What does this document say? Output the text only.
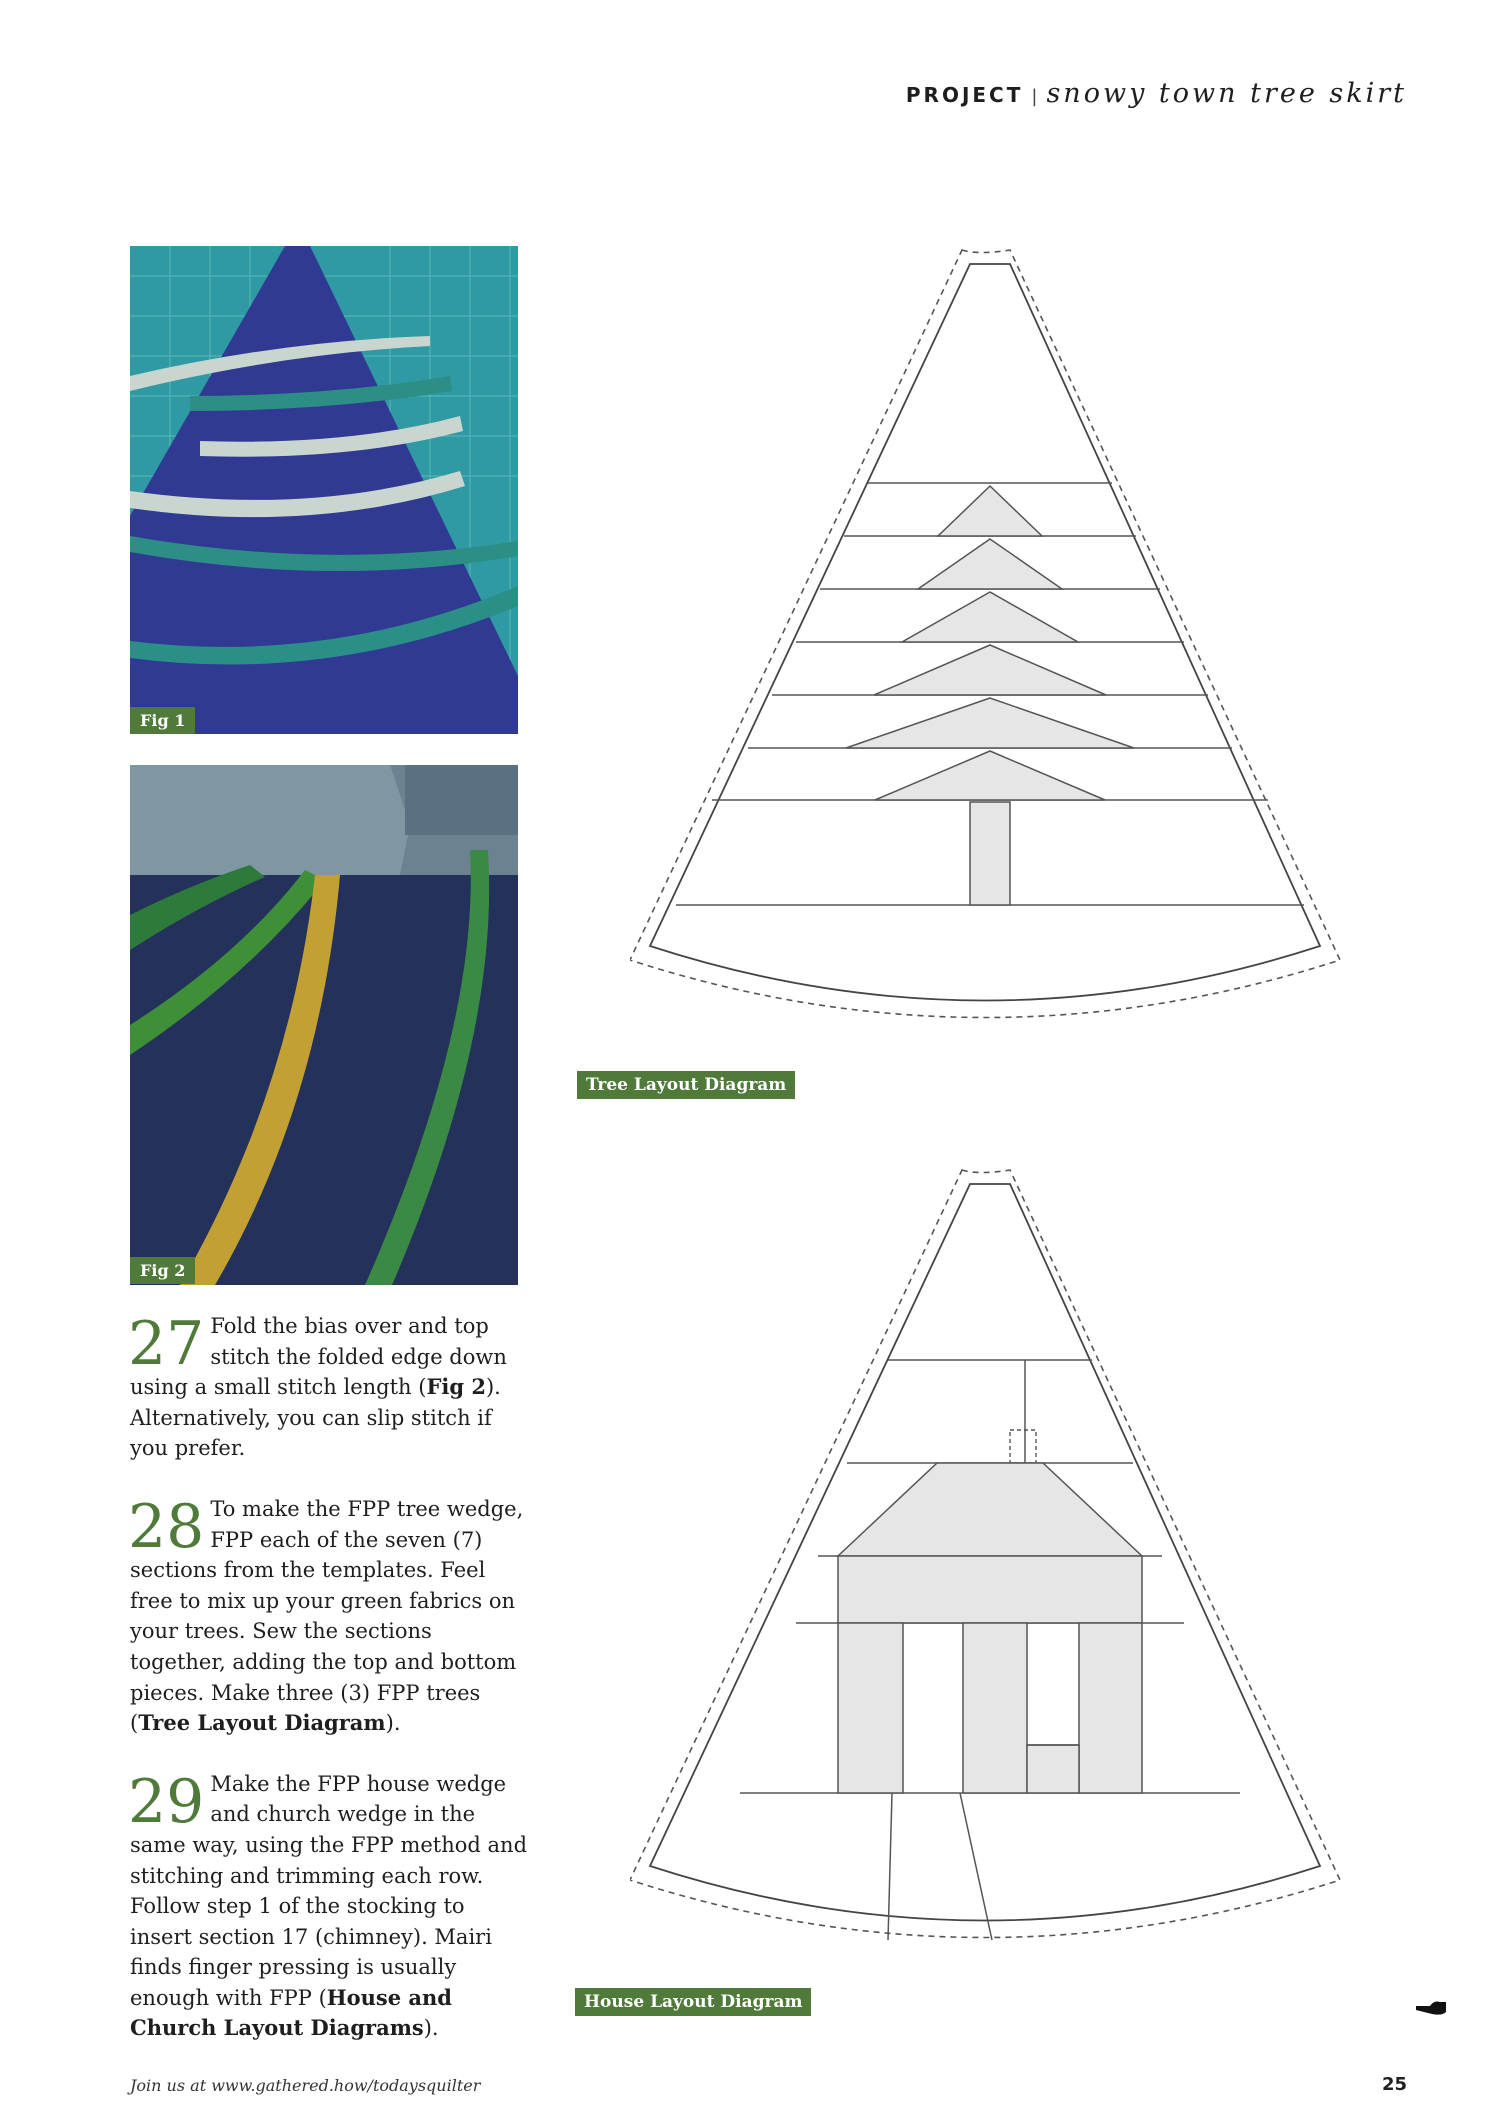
PROJECT | snowy town tree skirt
Fig 1
Fig 2

27 Fold the bias over and top stitch the folded edge down using a small stitch length (Fig 2). Alternatively, you can slip stitch if you prefer.

28 To make the FPP tree wedge, FPP each of the seven (7) sections from the templates. Feel free to mix up your green fabrics on your trees. Sew the sections together, adding the top and bottom pieces. Make three (3) FPP trees (Tree Layout Diagram).

29 Make the FPP house wedge and church wedge in the same way, using the FPP method and stitching and trimming each row. Follow step 1 of the stocking to insert section 17 (chimney). Mairi finds finger pressing is usually enough with FPP (House and Church Layout Diagrams).

Tree Layout Diagram
House Layout Diagram
Join us at www.gathered.how/todaysquilter	25
